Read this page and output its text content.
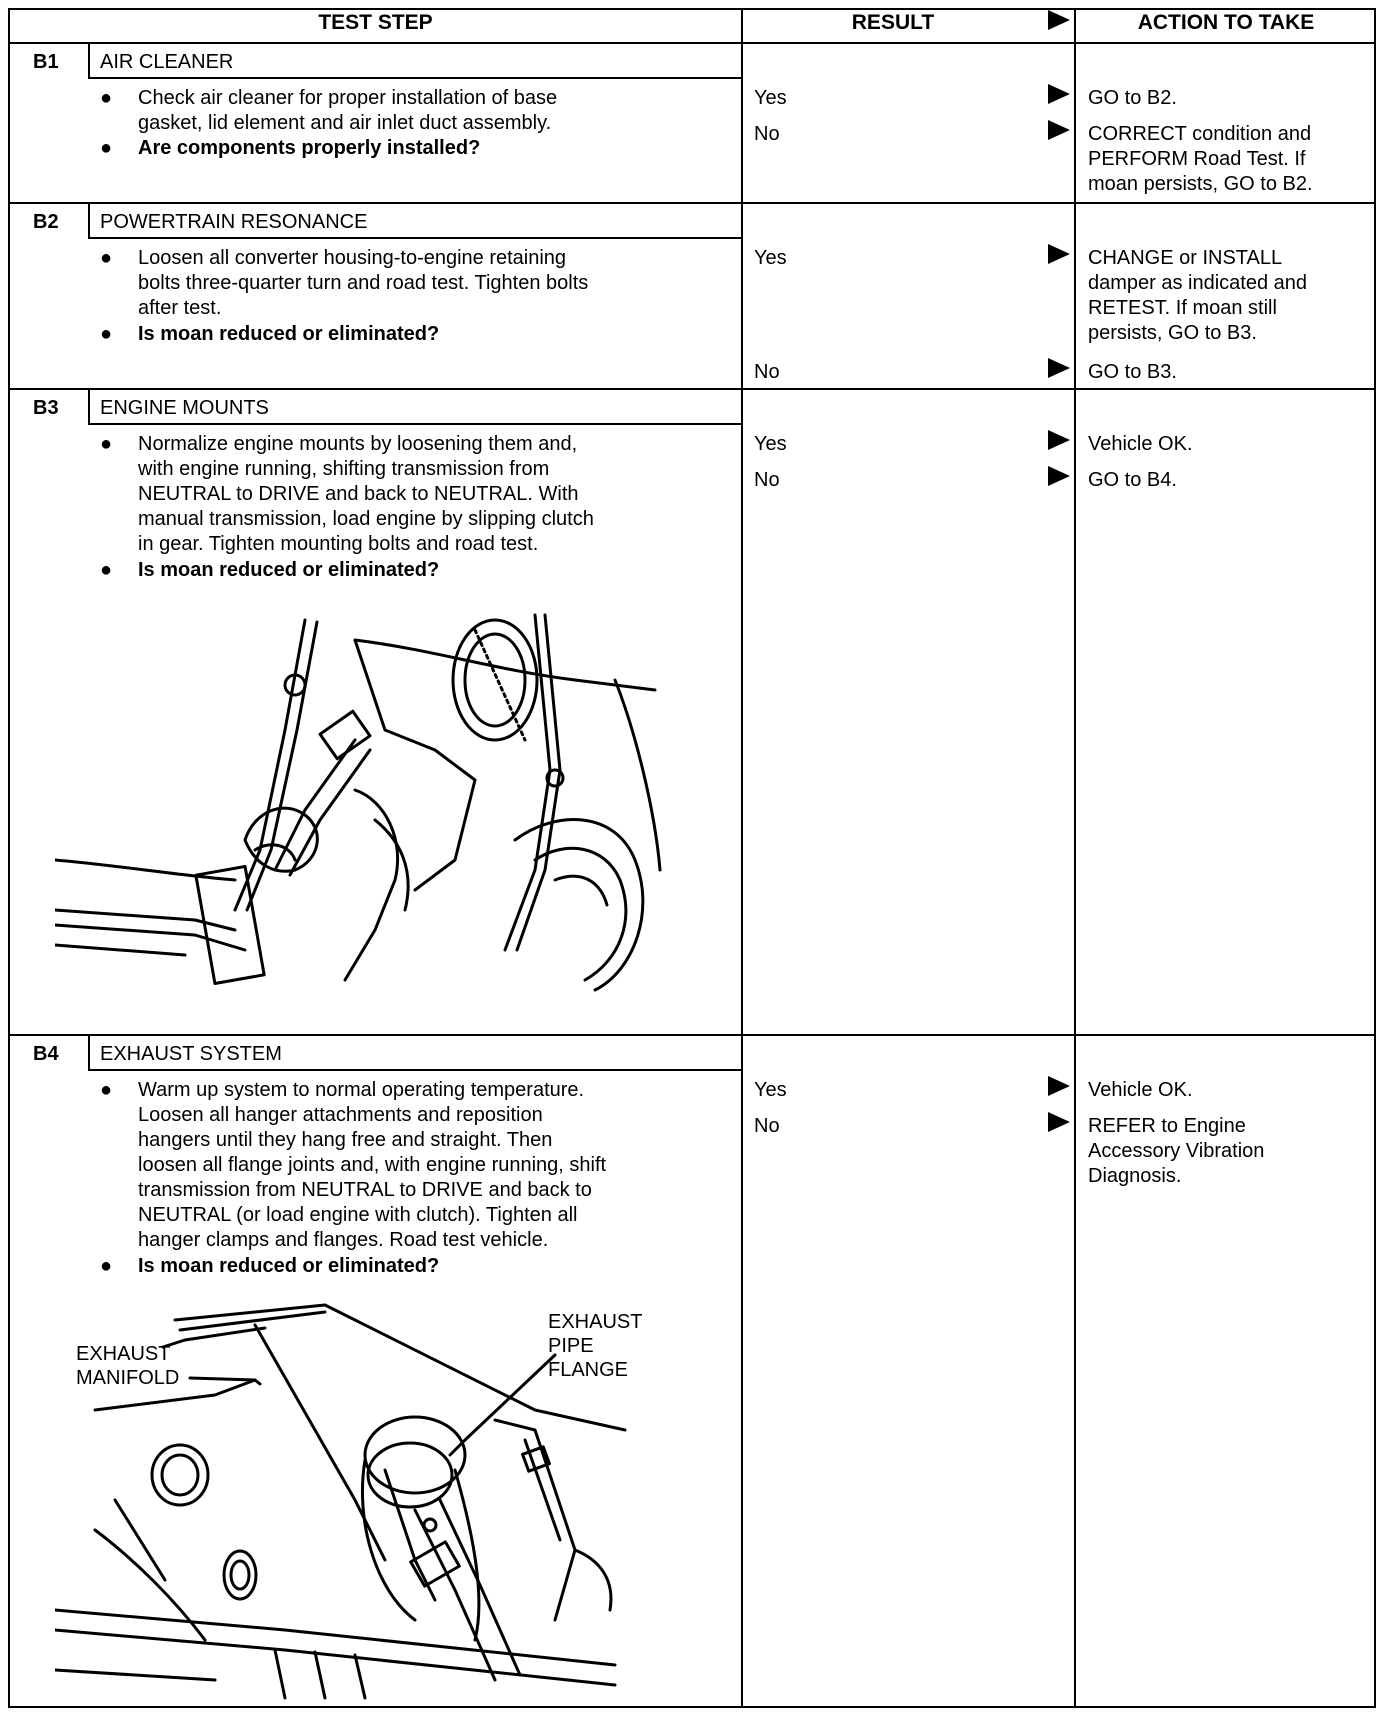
TEST STEP	RESULT	ACTION TO TAKE
B1 AIR CLEANER
● Check air cleaner for proper installation of base
gasket, lid element and air inlet duct assembly.
● Are components properly installed?
Yes	GO to B2.
No	CORRECT condition and
PERFORM Road Test. If
moan persists, GO to B2.
B2 POWERTRAIN RESONANCE
● Loosen all converter housing-to-engine retaining
bolts three-quarter turn and road test. Tighten bolts
after test.
● Is moan reduced or eliminated?
Yes	CHANGE or INSTALL
damper as indicated and
RETEST. If moan still
persists, GO to B3.
No	GO to B3.
B3 ENGINE MOUNTS
● Normalize engine mounts by loosening them and,
with engine running, shifting transmission from
NEUTRAL to DRIVE and back to NEUTRAL. With
manual transmission, load engine by slipping clutch
in gear. Tighten mounting bolts and road test.
● Is moan reduced or eliminated?
Yes	Vehicle OK.
No	GO to B4.
B4 EXHAUST SYSTEM
● Warm up system to normal operating temperature.
Loosen all hanger attachments and reposition
hangers until they hang free and straight. Then
loosen all flange joints and, with engine running, shift
transmission from NEUTRAL to DRIVE and back to
NEUTRAL (or load engine with clutch). Tighten all
hanger clamps and flanges. Road test vehicle.
● Is moan reduced or eliminated?
Yes	Vehicle OK.
No	REFER to Engine
Accessory Vibration
Diagnosis.
EXHAUST
MANIFOLD
EXHAUST
PIPE
FLANGE
